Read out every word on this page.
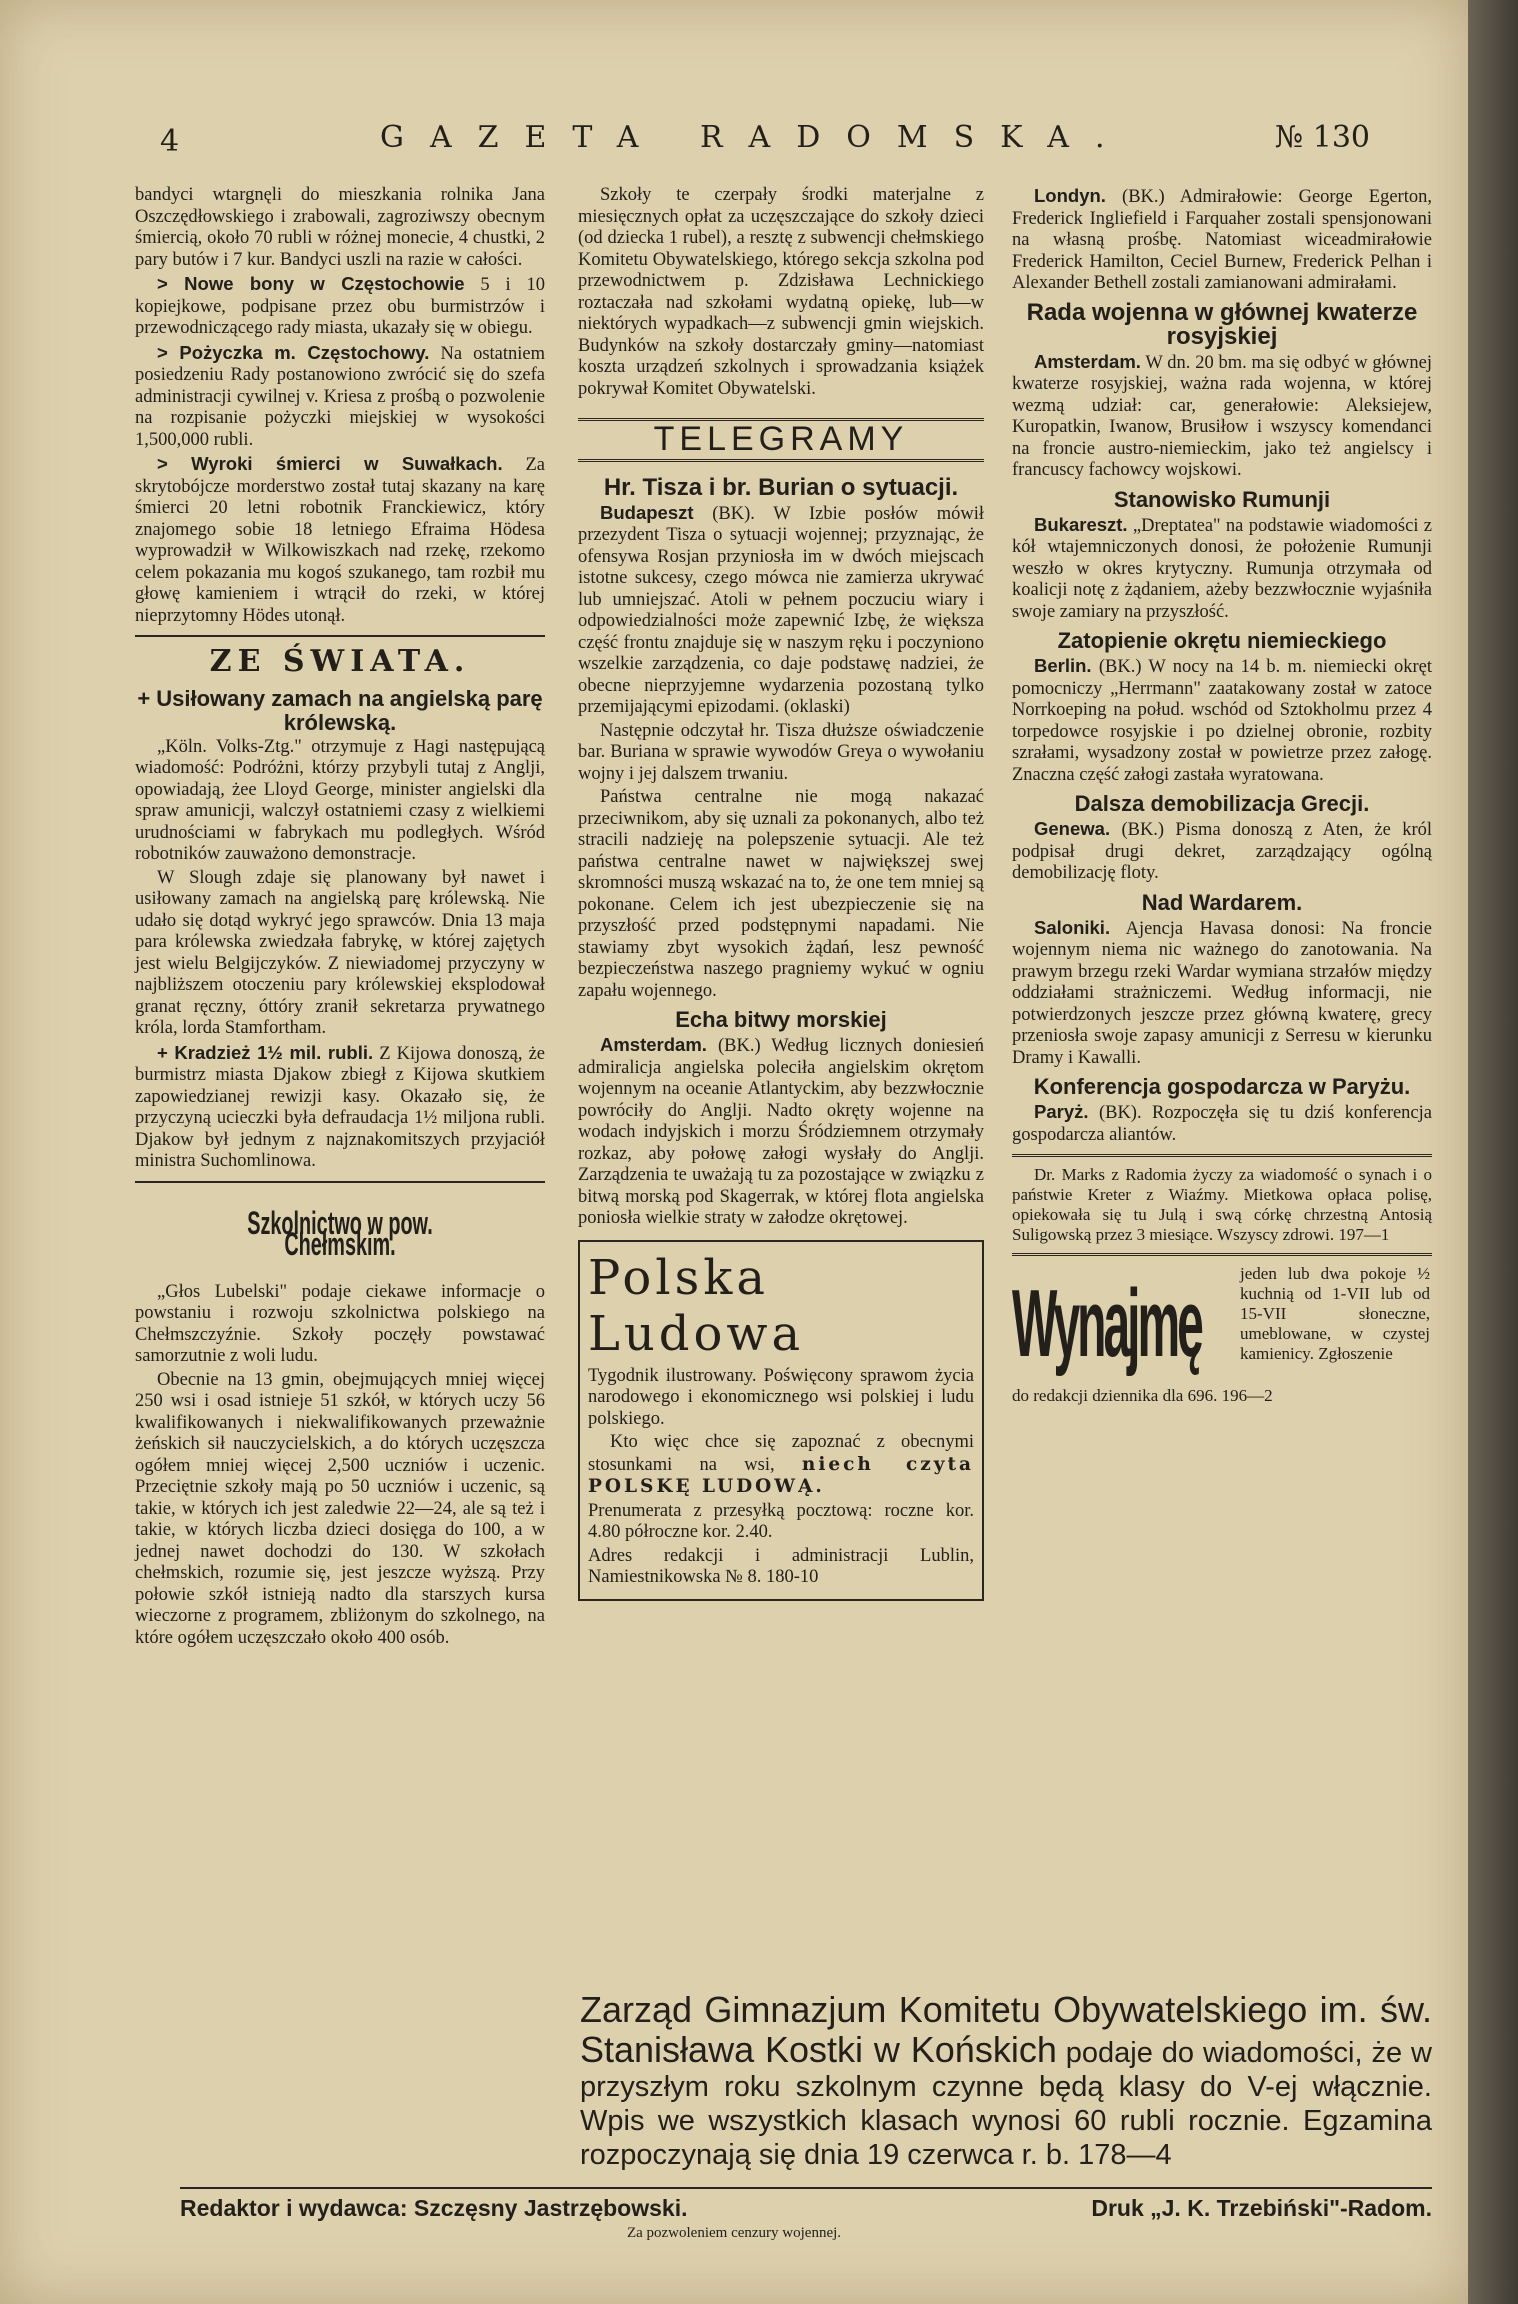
4	GAZETA RADOMSKA.	№ 130

bandyci wtargnęli do mieszkania rolnika Jana Oszczędłowskiego i zrabowali, zagroziwszy obecnym śmiercią, około 70 rubli w różnej monecie, 4 chustki, 2 pary butów i 7 kur. Bandyci uszli na razie w całości.

> Nowe bony w Częstochowie 5 i 10 kopiejkowe, podpisane przez obu burmistrzów i przewodniczącego rady miasta, ukazały się w obiegu.

> Pożyczka m. Częstochowy. Na ostatniem posiedzeniu Rady postanowiono zwrócić się do szefa administracji cywilnej v. Kriesa z prośbą o pozwolenie na rozpisanie pożyczki miejskiej w wysokości 1,500,000 rubli.

> Wyroki śmierci w Suwałkach. Za skrytobójcze morderstwo został tutaj skazany na karę śmierci 20 letni robotnik Franckiewicz, który znajomego sobie 18 letniego Efraima Hödesa wyprowadził w Wilkowiszkach nad rzekę, rzekomo celem pokazania mu kogoś szukanego, tam rozbił mu głowę kamieniem i wtrącił do rzeki, w której nieprzytomny Hödes utonął.

ZE ŚWIATA.
+ Usiłowany zamach na angielską parę królewską.

„Köln. Volks-Ztg." otrzymuje z Hagi następującą wiadomość: Podróżni, którzy przybyli tutaj z Anglji, opowiadają, żee Lloyd George, minister angielski dla spraw amunicji, walczył ostatniemi czasy z wielkiemi urudnościami w fabrykach mu podległych. Wśród robotników zauważono demonstracje.

W Slough zdaje się planowany był nawet i usiłowany zamach na angielską parę królewską. Nie udało się dotąd wykryć jego sprawców. Dnia 13 maja para królewska zwiedzała fabrykę, w której zajętych jest wielu Belgijczyków. Z niewiadomej przyczyny w najbliższem otoczeniu pary królewskiej eksplodował granat ręczny, óttóry zranił sekretarza prywatnego króla, lorda Stamfortham.

+ Kradzież 1½ mil. rubli. Z Kijowa donoszą, że burmistrz miasta Djakow zbiegł z Kijowa skutkiem zapowiedzianej rewizji kasy. Okazało się, że przyczyną ucieczki była defraudacja 1½ miljona rubli. Djakow był jednym z najznakomitszych przyjaciół ministra Suchomlinowa.

Szkolnictwo w pow. Chełmskim.

„Głos Lubelski" podaje ciekawe informacje o powstaniu i rozwoju szkolnictwa polskiego na Chełmszczyźnie. Szkoły poczęły powstawać samorzutnie z woli ludu.

Obecnie na 13 gmin, obejmujących mniej więcej 250 wsi i osad istnieje 51 szkół, w których uczy 56 kwalifikowanych i niekwalifikowanych przeważnie żeńskich sił nauczycielskich, a do których uczęszcza ogółem mniej więcej 2,500 uczniów i uczenic. Przeciętnie szkoły mają po 50 uczniów i uczenic, są takie, w których ich jest zaledwie 22—24, ale są też i takie, w których liczba dzieci dosięga do 100, a w jednej nawet dochodzi do 130. W szkołach chełmskich, rozumie się, jest jeszcze wyższą. Przy połowie szkół istnieją nadto dla starszych kursa wieczorne z programem, zbliżonym do szkolnego, na które ogółem uczęszczało około 400 osób.

Szkoły te czerpały środki materjalne z miesięcznych opłat za uczęszczające do szkoły dzieci (od dziecka 1 rubel), a resztę z subwencji chełmskiego Komitetu Obywatelskiego, którego sekcja szkolna pod przewodnictwem p. Zdzisława Lechnickiego roztaczała nad szkołami wydatną opiekę, lub—w niektórych wypadkach—z subwencji gmin wiejskich. Budynków na szkoły dostarczały gminy—natomiast koszta urządzeń szkolnych i sprowadzania książek pokrywał Komitet Obywatelski.

TELEGRAMY
Hr. Tisza i br. Burian o sytuacji.

Budapeszt (BK). W Izbie posłów mówił przezydent Tisza o sytuacji wojennej; przyznając, że ofensywa Rosjan przyniosła im w dwóch miejscach istotne sukcesy, czego mówca nie zamierza ukrywać lub umniejszać. Atoli w pełnem poczuciu wiary i odpowiedzialności może zapewnić Izbę, że większa część frontu znajduje się w naszym ręku i poczyniono wszelkie zarządzenia, co daje podstawę nadziei, że obecne nieprzyjemne wydarzenia pozostaną tylko przemijającymi epizodami. (oklaski)

Następnie odczytał hr. Tisza dłuższe oświadczenie bar. Buriana w sprawie wywodów Greya o wywołaniu wojny i jej dalszem trwaniu.

Państwa centralne nie mogą nakazać przeciwnikom, aby się uznali za pokonanych, albo też stracili nadzieję na polepszenie sytuacji. Ale też państwa centralne nawet w największej swej skromności muszą wskazać na to, że one tem mniej są pokonane. Celem ich jest ubezpieczenie się na przyszłość przed podstępnymi napadami. Nie stawiamy zbyt wysokich żądań, lesz pewność bezpieczeństwa naszego pragniemy wykuć w ogniu zapału wojennego.

Echa bitwy morskiej

Amsterdam. (BK.) Według licznych doniesień admiralicja angielska poleciła angielskim okrętom wojennym na oceanie Atlantyckim, aby bezzwłocznie powróciły do Anglji. Nadto okręty wojenne na wodach indyjskich i morzu Śródziemnem otrzymały rozkaz, aby połowę załogi wysłały do Anglji. Zarządzenia te uważają tu za pozostające w związku z bitwą morską pod Skagerrak, w której flota angielska poniosła wielkie straty w załodze okrętowej.

Polska Ludowa

Tygodnik ilustrowany. Poświęcony sprawom życia narodowego i ekonomicznego wsi polskiej i ludu polskiego.

Kto więc chce się zapoznać z obecnymi stosunkami na wsi, niech czyta POLSKĘ LUDOWĄ.

Prenumerata z przesyłką pocztową: roczne kor. 4.80 półroczne kor. 2.40.

Adres redakcji i administracji Lublin, Namiestnikowska № 8. 180-10

Londyn. (BK.) Admirałowie: George Egerton, Frederick Ingliefield i Farquaher zostali spensjonowani na własną prośbę. Natomiast wiceadmirałowie Frederick Hamilton, Ceciel Burnew, Frederick Pelhan i Alexander Bethell zostali zamianowani admirałami.

Rada wojenna w głównej kwaterze rosyjskiej

Amsterdam. W dn. 20 bm. ma się odbyć w głównej kwaterze rosyjskiej, ważna rada wojenna, w której wezmą udział: car, generałowie: Aleksiejew, Kuropatkin, Iwanow, Brusiłow i wszyscy komendanci na froncie austro-niemieckim, jako też angielscy i francuscy fachowcy wojskowi.

Stanowisko Rumunji

Bukareszt. „Dreptatea" na podstawie wiadomości z kół wtajemniczonych donosi, że położenie Rumunji weszło w okres krytyczny. Rumunja otrzymała od koalicji notę z żądaniem, ażeby bezzwłocznie wyjaśniła swoje zamiary na przyszłość.

Zatopienie okrętu niemieckiego

Berlin. (BK.) W nocy na 14 b. m. niemiecki okręt pomocniczy „Herrmann" zaatakowany został w zatoce Norrkoeping na połud. wschód od Sztokholmu przez 4 torpedowce rosyjskie i po dzielnej obronie, rozbity szrałami, wysadzony został w powietrze przez załogę. Znaczna część załogi zastała wyratowana.

Dalsza demobilizacja Grecji.

Genewa. (BK.) Pisma donoszą z Aten, że król podpisał drugi dekret, zarządzający ogólną demobilizację floty.

Nad Wardarem.

Saloniki. Ajencja Havasa donosi: Na froncie wojennym niema nic ważnego do zanotowania. Na prawym brzegu rzeki Wardar wymiana strzałów między oddziałami strażniczemi. Według informacji, nie potwierdzonych jeszcze przez główną kwaterę, grecy przeniosła swoje zapasy amunicji z Serresu w kierunku Dramy i Kawalli.

Konferencja gospodarcza w Paryżu.

Paryż. (BK). Rozpoczęła się tu dziś konferencja gospodarcza aliantów.

Dr. Marks z Radomia życzy za wiadomość o synach i o państwie Kreter z Wiaźmy. Mietkowa opłaca polisę, opiekowała się tu Julą i swą córkę chrzestną Antosią Suligowską przez 3 miesiące. Wszyscy zdrowi. 197—1

Wynajmę jeden lub dwa pokoje ½ kuchnią od 1-VII lub od 15-VII słoneczne, umeblowane, w czystej kamienicy. Zgłoszenie
do redakcji dziennika dla 696. 196—2
Zarząd Gimnazjum Komitetu Obywatelskiego im. św. Stanisława Kostki w Końskich podaje do wiadomości, że w przyszłym roku szkolnym czynne będą klasy do V-ej włącznie. Wpis we wszystkich klasach wynosi 60 rubli rocznie. Egzamina rozpoczynają się dnia 19 czerwca r. b. 178—4
Redaktor i wydawca: Szczęsny Jastrzębowski.	Druk „J. K. Trzebiński"-Radom.
Za pozwoleniem cenzury wojennej.
